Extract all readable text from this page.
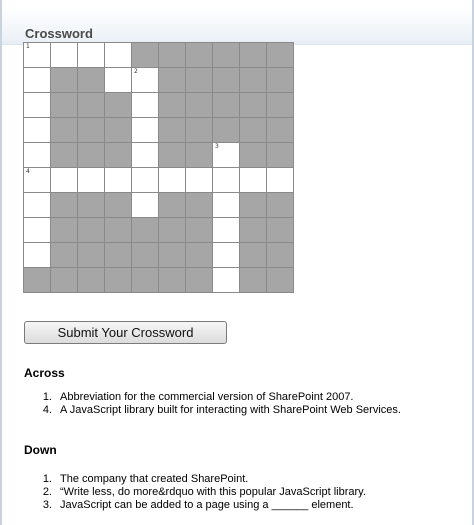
Crossword
1									

				2					

							3		

4									

Submit Your Crossword
Across
1. Abbreviation for the commercial version of SharePoint 2007.
4. A JavaScript library built for interacting with SharePoint Web Services.
Down
1. The company that created SharePoint.
2. “Write less, do more&rdquo with this popular JavaScript library.
3. JavaScript can be added to a page using a ______ element.
